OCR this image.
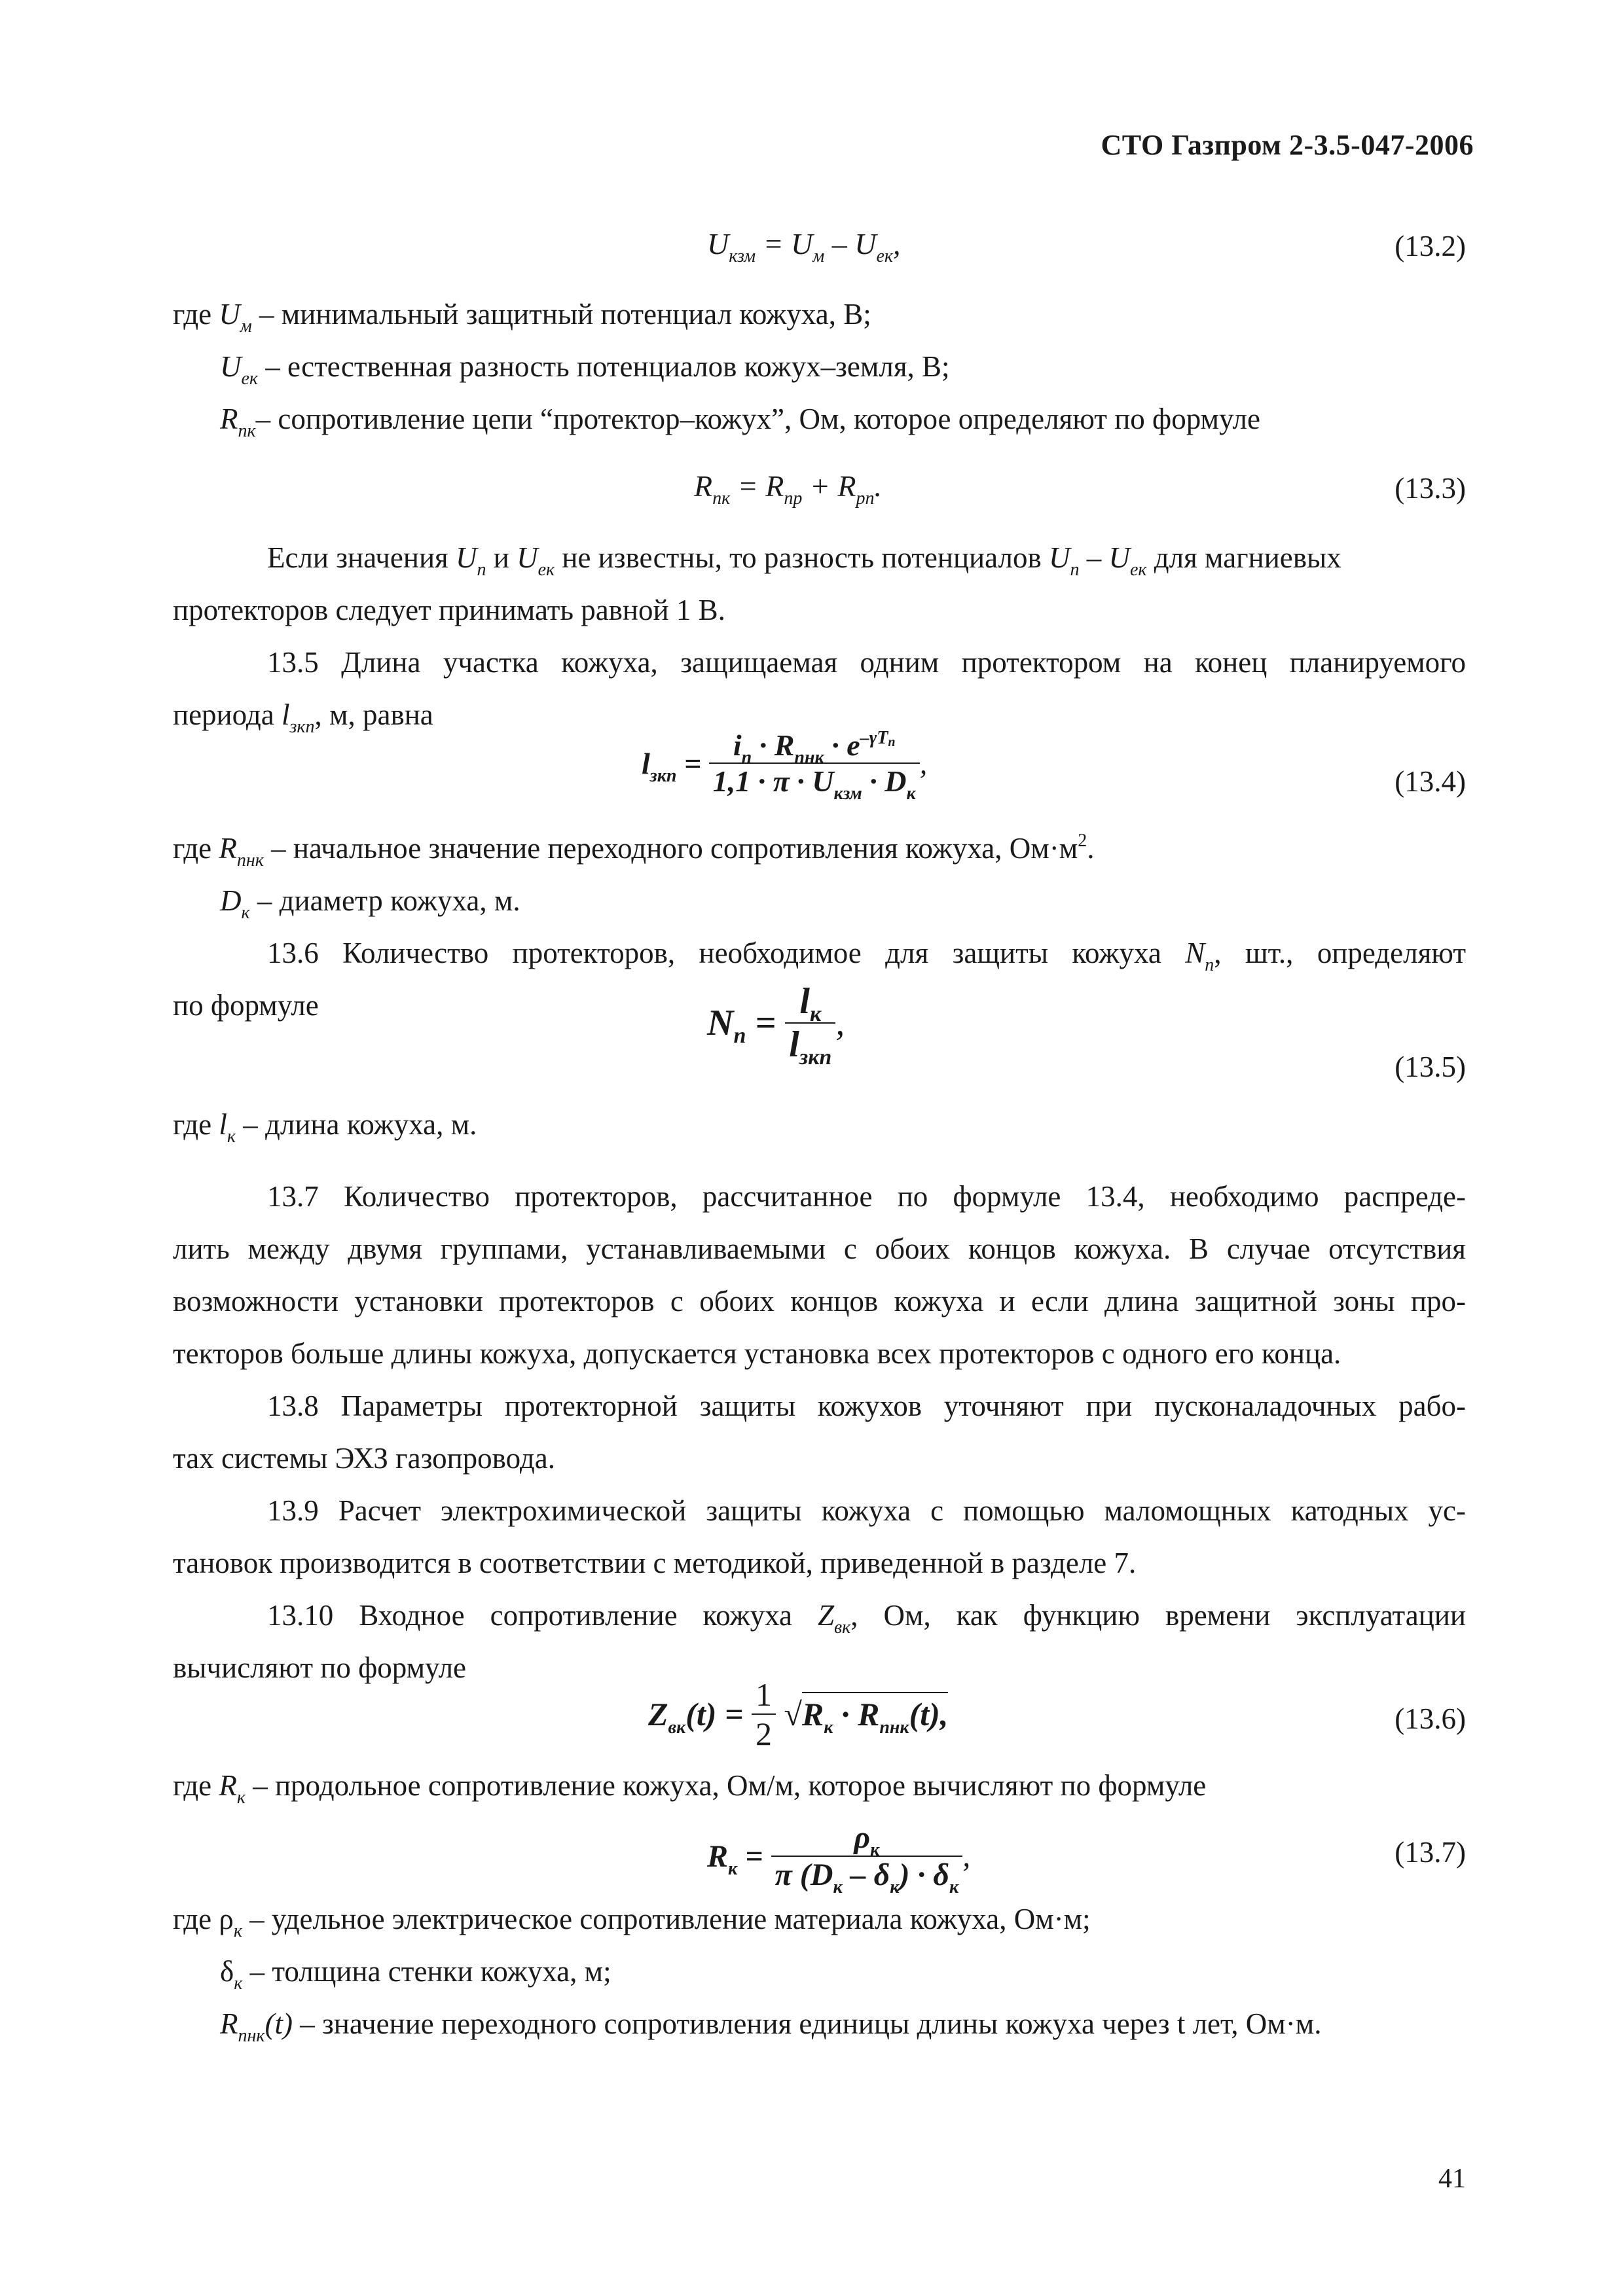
СТО Газпром 2-3.5-047-2006
$U_{кзм} = U_м - U_{ек}$,	(13.2)
где $U_м$ – минимальный защитный потенциал кожуха, В;
$U_{ек}$ – естественная разность потенциалов кожух–земля, В;
$R_{пк}-$ сопротивление цепи “протектор–кожух”, Ом, которое определяют по формуле
$R_{пк} = R_{пр} + R_{рп}$.	(13.3)
Если значения $U_п$ и $U_{ек}$ не известны, то разность потенциалов $U_п - U_{ек}$ для магниевых
протекторов следует принимать равной 1 В.
13.5 Длина участка кожуха, защищаемая одним протектором на конец планируемого
периода $l_{зкп}$, м, равна
$l_{зкп} = \frac{i_п \cdot R_{пнк} \cdot e^{-\gamma T_п}}{1,1 \cdot \pi \cdot U_{кзм} \cdot D_к}$ ,
(13.4)
где $R_{пнк}$ – начальное значение переходного сопротивления кожуха, $Ом\cdot м^2$.
$D_к$ – диаметр кожуха, м.
13.6 Количество протекторов, необходимое для защиты кожуха $N_п$, шт., определяют
по формуле	$N_п = \frac{l_к}{l_{зкп}}$ ,
(13.5)
где $l_к$ – длина кожуха, м.
13.7 Количество протекторов, рассчитанное по формуле 13.4, необходимо распреде-
лить между двумя группами, устанавливаемыми с обоих концов кожуха. В случае отсутствия
возможности установки протекторов с обоих концов кожуха и если длина защитной зоны про-
текторов больше длины кожуха, допускается установка всех протекторов с одного его конца.
13.8 Параметры протекторной защиты кожухов уточняют при пусконаладочных рабо-
тах системы ЭХЗ газопровода.
13.9 Расчет электрохимической защиты кожуха с помощью маломощных катодных ус-
тановок производится в соответствии с методикой, приведенной в разделе 7.
13.10 Входное сопротивление кожуха $Z_{вк}$, Ом, как функцию времени эксплуатации
вычисляют по формуле
$Z_{вк}(t) = \frac{1}{2} √R_к \cdot R_{пнк}(t)$,	(13.6)
где $R_к$ – продольное сопротивление кожуха, Ом/м, которое вычисляют по формуле
$R_к = \frac{\rho_к}{\pi (D_к - \delta_к) \cdot \delta_к}$ ,	(13.7)
где $\rho_к$ – удельное электрическое сопротивление материала кожуха, Ом·м;
$\delta_к$ – толщина стенки кожуха, м;
$R_{пнк}(t)$ – значение переходного сопротивления единицы длины кожуха через t лет, Ом·м.
41
